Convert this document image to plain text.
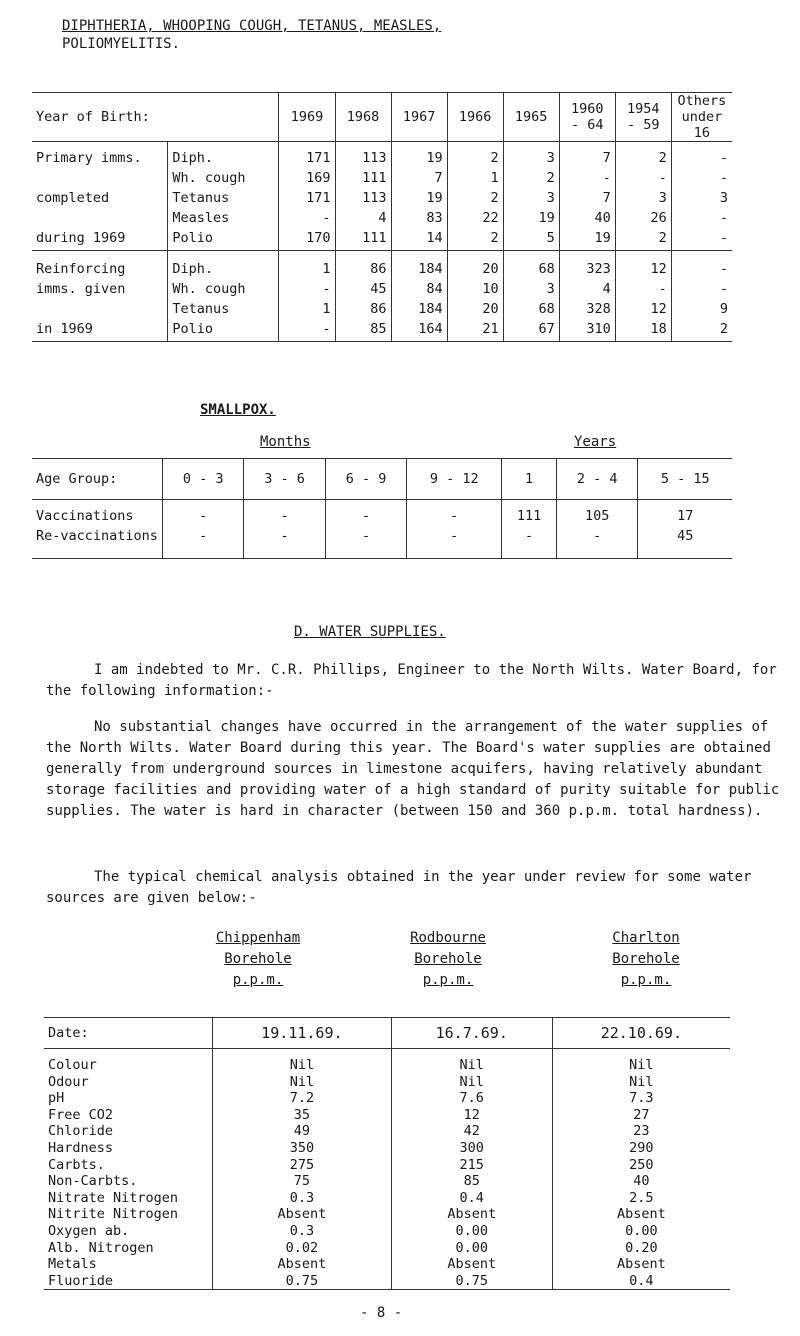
DIPHTHERIA, WHOOPING COUGH, TETANUS, MEASLES,
POLIOMYELITIS.
Year of Birth:		1969	1968	1967	1966	1965	1960 - 64	1954 - 59	Others under 16
Primary imms.	Diph.	171	113	19	2	3	7	2	-
	Wh. cough	169	111	7	1	2	-	-	-
completed	Tetanus	171	113	19	2	3	7	3	3
	Measles	-	4	83	22	19	40	26	-
during 1969	Polio	170	111	14	2	5	19	2	-
Reinforcing	Diph.	1	86	184	20	68	323	12	-
imms. given	Wh. cough	-	45	84	10	3	4	-	-
	Tetanus	1	86	184	20	68	328	12	9
in 1969	Polio	-	85	164	21	67	310	18	2
SMALLPOX.
Months	Years
Age Group:	0 - 3	3 - 6	6 - 9	9 - 12	1	2 - 4	5 - 15
Vaccinations	-	-	-	-	111	105	17
Re-vaccinations	-	-	-	-	-	-	45
D. WATER SUPPLIES.

I am indebted to Mr. C.R. Phillips, Engineer to the North Wilts. Water Board, for the following information:-

No substantial changes have occurred in the arrangement of the water supplies of the North Wilts. Water Board during this year. The Board's water supplies are obtained generally from underground sources in limestone acquifers, having relatively abundant storage facilities and providing water of a high standard of purity suitable for public supplies. The water is hard in character (between 150 and 360 p.p.m. total hardness).

The typical chemical analysis obtained in the year under review for some water sources are given below:-

Chippenham
Borehole
p.p.m.
Rodbourne
Borehole
p.p.m.
Charlton
Borehole
p.p.m.
Date:	19.11.69.	16.7.69.	22.10.69.
Colour	Nil	Nil	Nil
Odour	Nil	Nil	Nil
pH	7.2	7.6	7.3
Free CO2	35	12	27
Chloride	49	42	23
Hardness	350	300	290
Carbts.	275	215	250
Non-Carbts.	75	85	40
Nitrate Nitrogen	0.3	0.4	2.5
Nitrite Nitrogen	Absent	Absent	Absent
Oxygen ab.	0.3	0.00	0.00
Alb. Nitrogen	0.02	0.00	0.20
Metals	Absent	Absent	Absent
Fluoride	0.75	0.75	0.4
- 8 -
